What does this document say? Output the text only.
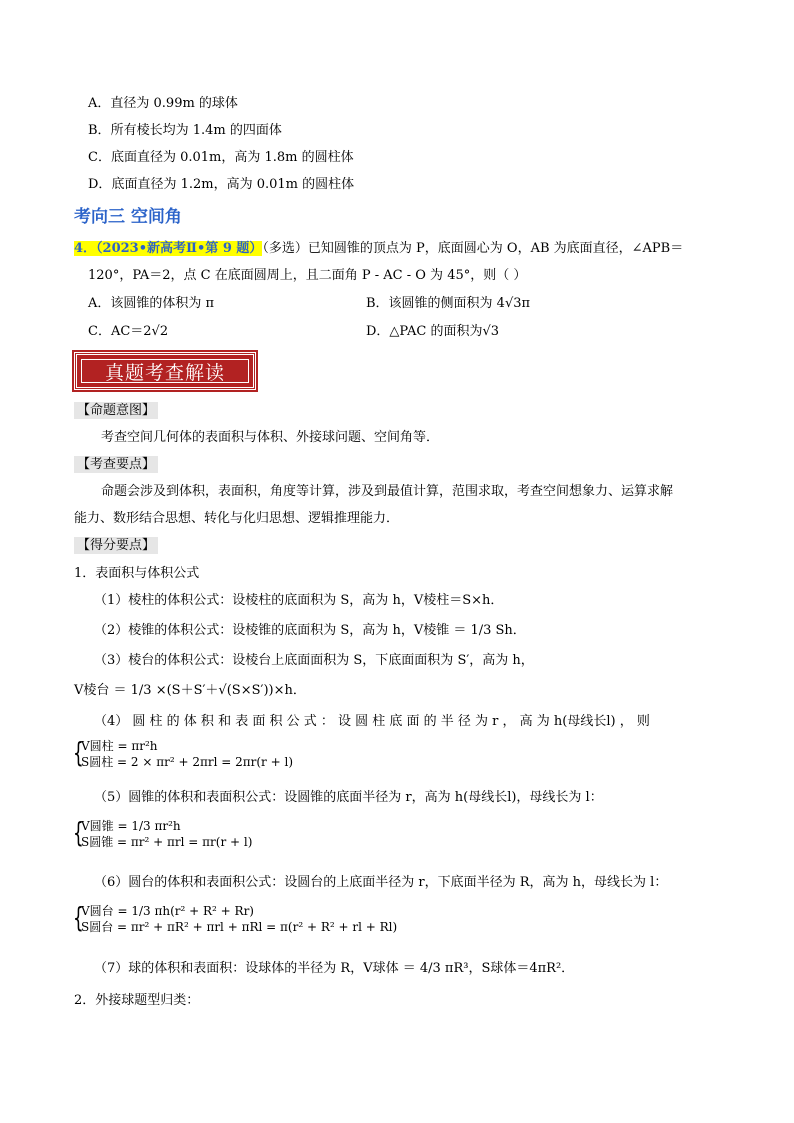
A．直径为 0.99m 的球体
B．所有棱长均为 1.4m 的四面体
C．底面直径为 0.01m，高为 1.8m 的圆柱体
D．底面直径为 1.2m，高为 0.01m 的圆柱体
考向三 空间角
4．（2023•新高考Ⅱ•第 9 题）（多选）已知圆锥的顶点为 P，底面圆心为 O，AB 为底面直径，∠APB＝
120°，PA＝2，点 C 在底面圆周上，且二面角 P - AC - O 为 45°，则（ ）
A．该圆锥的体积为 π	B．该圆锥的侧面积为 4√3π
C．AC＝2√2	D．△PAC 的面积为√3
真题考查解读
【命题意图】
考查空间几何体的表面积与体积、外接球问题、空间角等．
【考查要点】
命题会涉及到体积，表面积，角度等计算，涉及到最值计算，范围求取，考查空间想象力、运算求解
能力、数形结合思想、转化与化归思想、逻辑推理能力．
【得分要点】
1．表面积与体积公式
（1）棱柱的体积公式：设棱柱的底面积为 S，高为 h，V棱柱＝S×h．
（2）棱锥的体积公式：设棱锥的底面积为 S，高为 h，V棱锥 ＝ 1/3 Sh．
（3）棱台的体积公式：设棱台上底面面积为 S，下底面面积为 S′，高为 h，
V棱台 ＝ 1/3 ×(S＋S′＋√(S×S′))×h．
（4） 圆 柱 的 体 积 和 表 面 积 公 式 ： 设 圆 柱 底 面 的 半 径 为 r ， 高 为 h(母线长l) ， 则
{
V圆柱 = πr²h
S圆柱 = 2 × πr² + 2πrl = 2πr(r + l)
（5）圆锥的体积和表面积公式：设圆锥的底面半径为 r，高为 h(母线长l)，母线长为 l：
{
V圆锥 = 1/3 πr²h
S圆锥 = πr² + πrl = πr(r + l)
（6）圆台的体积和表面积公式：设圆台的上底面半径为 r，下底面半径为 R，高为 h，母线长为 l：
{
V圆台 = 1/3 πh(r² + R² + Rr)
S圆台 = πr² + πR² + πrl + πRl = π(r² + R² + rl + Rl)
（7）球的体积和表面积：设球体的半径为 R，V球体 ＝ 4/3 πR³，S球体＝4πR²．
2．外接球题型归类：
